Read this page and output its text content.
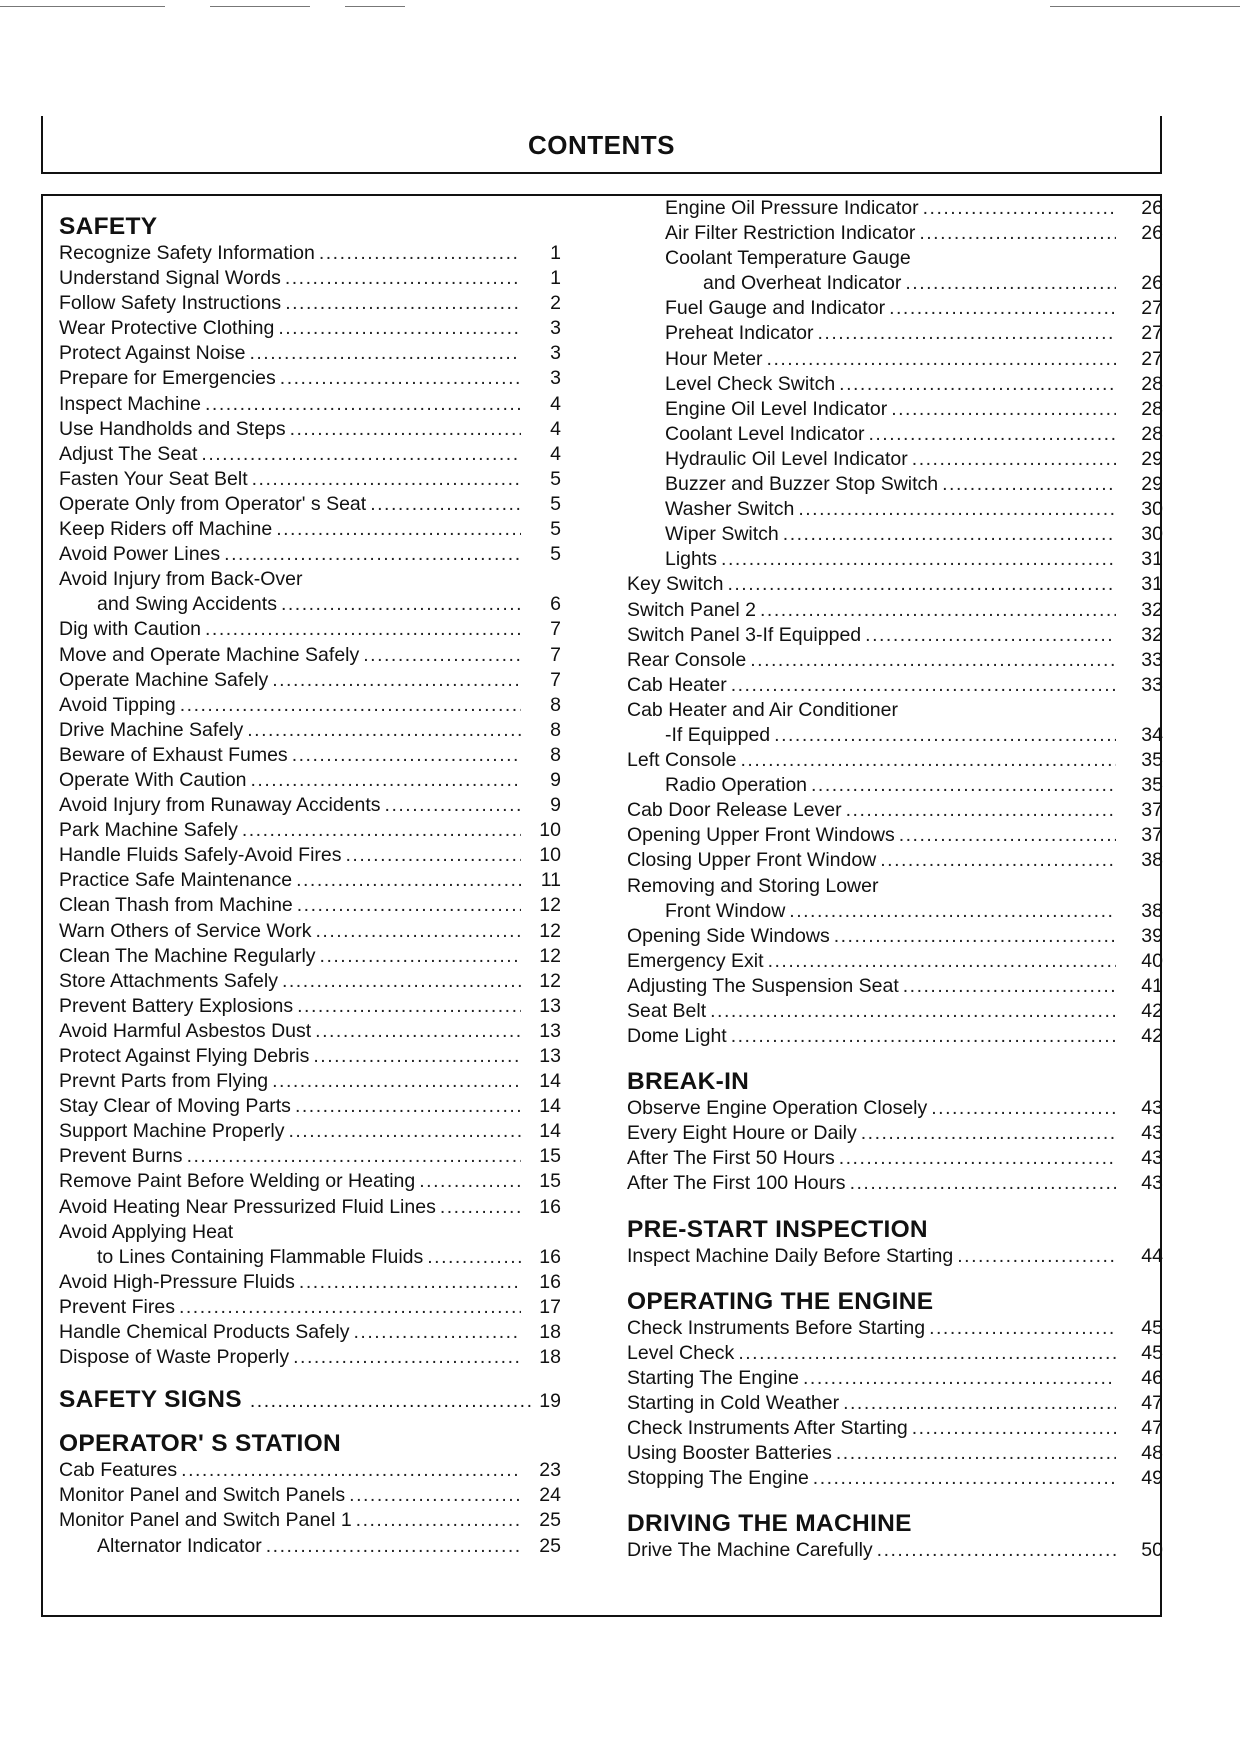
CONTENTS
SAFETY
Recognize Safety Information .....	1
Understand Signal Words .....	1
Follow Safety Instructions .....	2
Wear Protective Clothing .....	3
Protect Against Noise .....	3
Prepare for Emergencies .....	3
Inspect Machine .....	4
Use Handholds and Steps .....	4
Adjust The Seat .....	4
Fasten Your Seat Belt .....	5
Operate Only from Operator' s Seat .....	5
Keep Riders off Machine .....	5
Avoid Power Lines .....	5
Avoid Injury from Back-Over
and Swing Accidents .....	6
Dig with Caution .....	7
Move and Operate Machine Safely .....	7
Operate Machine Safely .....	7
Avoid Tipping .....	8
Drive Machine Safely .....	8
Beware of Exhaust Fumes .....	8
Operate With Caution .....	9
Avoid Injury from Runaway Accidents .....	9
Park Machine Safely .....	10
Handle Fluids Safely-Avoid Fires .....	10
Practice Safe Maintenance .....	11
Clean Thash from Machine .....	12
Warn Others of Service Work .....	12
Clean The Machine Regularly .....	12
Store Attachments Safely .....	12
Prevent Battery Explosions .....	13
Avoid Harmful Asbestos Dust .....	13
Protect Against Flying Debris .....	13
Prevnt Parts from Flying .....	14
Stay Clear of Moving Parts .....	14
Support Machine Properly .....	14
Prevent Burns .....	15
Remove Paint Before Welding or Heating .....	15
Avoid Heating Near Pressurized Fluid Lines .....	16
Avoid Applying Heat
to Lines Containing Flammable Fluids .....	16
Avoid High-Pressure Fluids .....	16
Prevent Fires .....	17
Handle Chemical Products Safely .....	18
Dispose of Waste Properly .....	18
SAFETY SIGNS .....	19
OPERATOR' S STATION
Cab Features .....	23
Monitor Panel and Switch Panels .....	24
Monitor Panel and Switch Panel 1 .....	25
Alternator Indicator .....	25
Engine Oil Pressure Indicator .....	26
Air Filter Restriction Indicator .....	26
Coolant Temperature Gauge
and Overheat Indicator .....	26
Fuel Gauge and Indicator .....	27
Preheat Indicator .....	27
Hour Meter .....	27
Level Check Switch .....	28
Engine Oil Level Indicator .....	28
Coolant Level Indicator .....	28
Hydraulic Oil Level Indicator .....	29
Buzzer and Buzzer Stop Switch .....	29
Washer Switch .....	30
Wiper Switch .....	30
Lights .....	31
Key Switch .....	31
Switch Panel 2 .....	32
Switch Panel 3-If Equipped .....	32
Rear Console .....	33
Cab Heater .....	33
Cab Heater and Air Conditioner
-If Equipped .....	34
Left Console .....	35
Radio Operation .....	35
Cab Door Release Lever .....	37
Opening Upper Front Windows .....	37
Closing Upper Front Window .....	38
Removing and Storing Lower
Front Window .....	38
Opening Side Windows .....	39
Emergency Exit .....	40
Adjusting The Suspension Seat .....	41
Seat Belt .....	42
Dome Light .....	42
BREAK-IN
Observe Engine Operation Closely .....	43
Every Eight Houre or Daily .....	43
After The First 50 Hours .....	43
After The First 100 Hours .....	43
PRE-START INSPECTION
Inspect Machine Daily Before Starting .....	44
OPERATING THE ENGINE
Check Instruments Before Starting .....	45
Level Check .....	45
Starting The Engine .....	46
Starting in Cold Weather .....	47
Check Instruments After Starting .....	47
Using Booster Batteries .....	48
Stopping The Engine .....	49
DRIVING THE MACHINE
Drive The Machine Carefully .....	50
